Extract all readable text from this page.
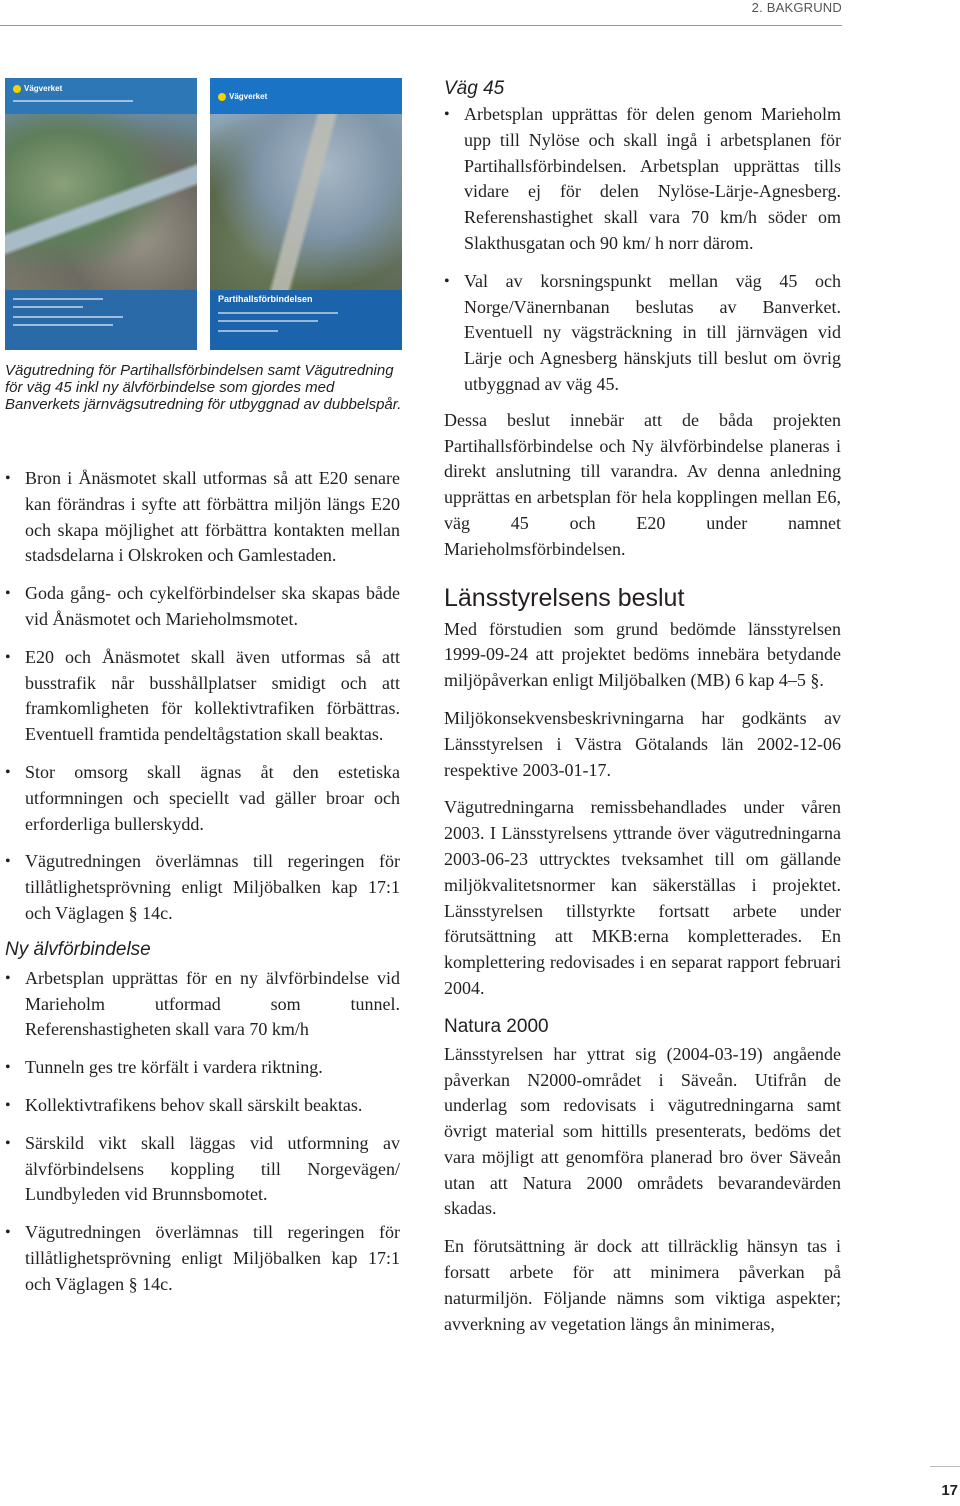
2. BAKGRUND
Vägverket
Vägverket
Partihallsförbindelsen
Vägutredning för Partihallsförbindelsen samt Vägutredning för väg 45 inkl ny älvförbindelse som gjordes med Banverkets järnvägsutredning för utbyggnad av dubbelspår.
• Bron i Ånäsmotet skall utformas så att E20 senare kan förändras i syfte att förbättra miljön längs E20 och skapa möjlighet att förbättra kontakten mellan stadsdelarna i Olskroken och Gamlestaden.
• Goda gång- och cykelförbindelser ska skapas både vid Ånäsmotet och Marieholmsmotet.
• E20 och Ånäsmotet skall även utformas så att busstrafik når busshållplatser smidigt och att framkomligheten för kollektivtrafiken förbättras. Eventuell framtida pendeltågstation skall beaktas.
• Stor omsorg skall ägnas åt den estetiska utformningen och speciellt vad gäller broar och erforderliga bullerskydd.
• Vägutredningen överlämnas till regeringen för tillåtlighetsprövning enligt Miljöbalken kap 17:1 och Väglagen § 14c.

Ny älvförbindelse

• Arbetsplan upprättas för en ny älvförbindelse vid Marieholm utformad som tunnel. Referenshastigheten skall vara 70 km/h
• Tunneln ges tre körfält i vardera riktning.
• Kollektivtrafikens behov skall särskilt beaktas.
• Särskild vikt skall läggas vid utformning av älvförbindelsens koppling till Norgevägen/ Lundbyleden vid Brunnsbomotet.
• Vägutredningen överlämnas till regeringen för tillåtlighetsprövning enligt Miljöbalken kap 17:1 och Väglagen § 14c.

Väg 45

• Arbetsplan upprättas för delen genom Marieholm upp till Nylöse och skall ingå i arbetsplanen för Partihallsförbindelsen. Arbetsplan upprättas tills vidare ej för delen Nylöse-Lärje-Agnesberg. Referenshastighet skall vara 70 km/h söder om Slakthusgatan och 90 km/ h norr därom.
• Val av korsningspunkt mellan väg 45 och Norge/Vänernbanan beslutas av Banverket. Eventuell ny vägsträckning in till järnvägen vid Lärje och Agnesberg hänskjuts till beslut om övrig utbyggnad av väg 45.

Dessa beslut innebär att de båda projekten Partihallsförbindelse och Ny älvförbindelse planeras i direkt anslutning till varandra. Av denna anledning upprättas en arbetsplan för hela kopplingen mellan E6, väg 45 och E20 under namnet Marieholmsförbindelsen.

Länsstyrelsens beslut

Med förstudien som grund bedömde länsstyrelsen 1999-09-24 att projektet bedöms innebära betydande miljöpåverkan enligt Miljöbalken (MB) 6 kap 4–5 §.

Miljökonsekvensbeskrivningarna har godkänts av Länsstyrelsen i Västra Götalands län 2002-12-06 respektive 2003-01-17.

Vägutredningarna remissbehandlades under våren 2003. I Länsstyrelsens yttrande över vägutredningarna 2003-06-23 uttrycktes tveksamhet till om gällande miljökvalitetsnormer kan säkerställas i projektet. Länsstyrelsen tillstyrkte fortsatt arbete under förutsättning att MKB:erna kompletterades. En komplettering redovisades i en separat rapport februari 2004.

Natura 2000

Länsstyrelsen har yttrat sig (2004-03-19) angående påverkan N2000-området i Säveån. Utifrån de underlag som redovisats i vägutredningarna samt övrigt material som hittills presenterats, bedöms det vara möjligt att genomföra planerad bro över Säveån utan att Natura 2000 områdets bevarandevärden skadas.

En förutsättning är dock att tillräcklig hänsyn tas i forsatt arbete för att minimera påverkan på naturmiljön. Följande nämns som viktiga aspekter; avverkning av vegetation längs ån minimeras,

17
